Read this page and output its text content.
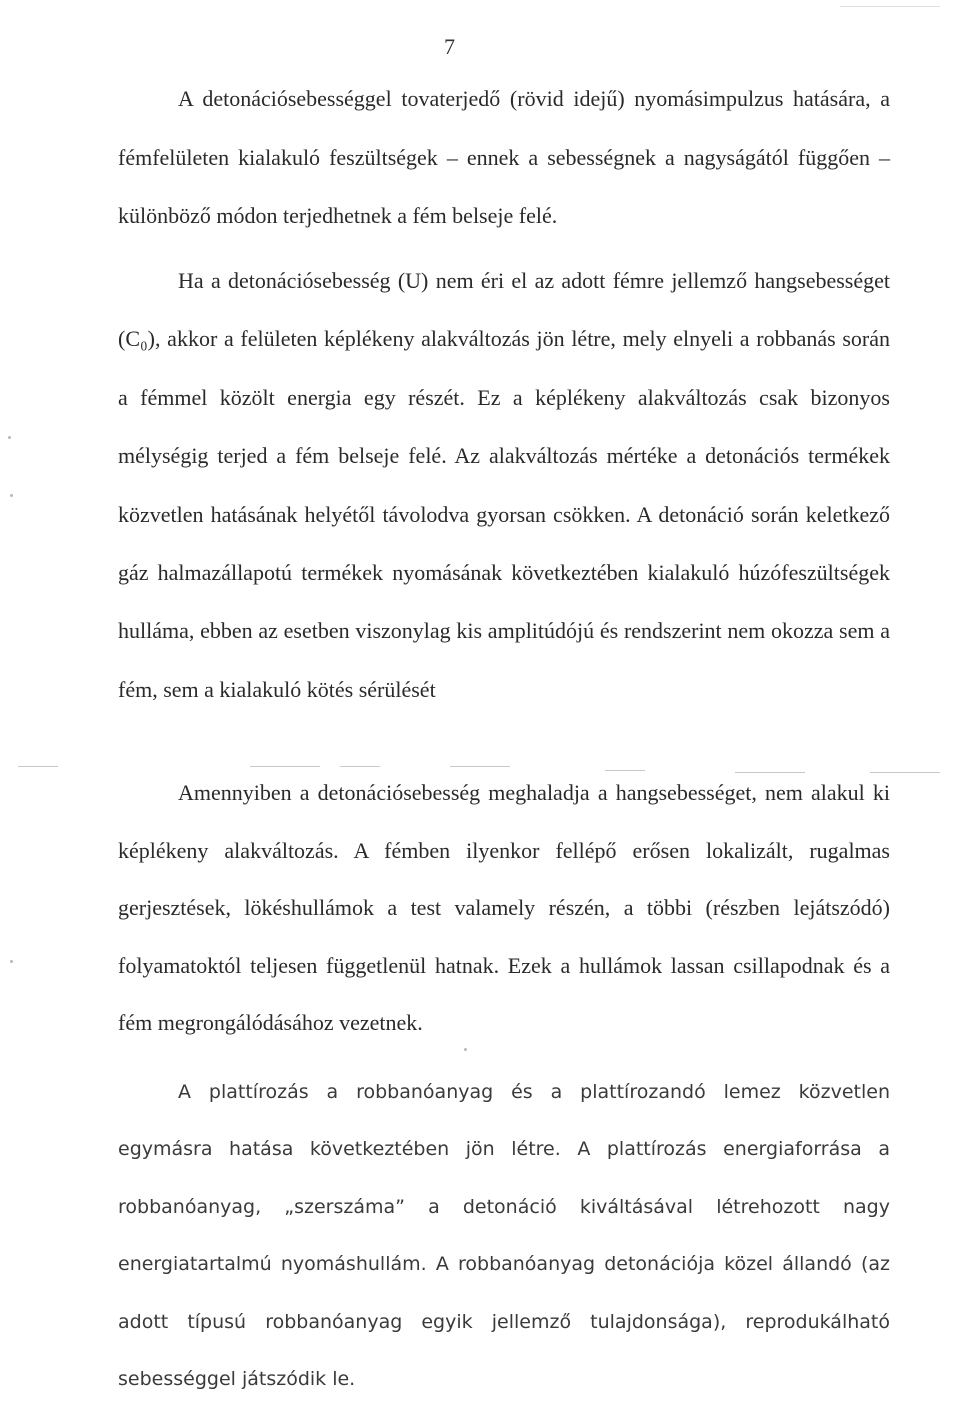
7

A detonációsebességgel tovaterjedő (rövid idejű) nyomásimpulzus hatására, a fémfelületen kialakuló feszültségek – ennek a sebességnek a nagyságától függően – különböző módon terjedhetnek a fém belseje felé.

Ha a detonációsebesség (U) nem éri el az adott fémre jellemző hangsebességet (C₀), akkor a felületen képlékeny alakváltozás jön létre, mely elnyeli a robbanás során a fémmel közölt energia egy részét. Ez a képlékeny alakváltozás csak bizonyos mélységig terjed a fém belseje felé. Az alakváltozás mértéke a detonációs termékek közvetlen hatásának helyétől távolodva gyorsan csökken. A detonáció során keletkező gáz halmazállapotú termékek nyomásának következtében kialakuló húzófeszültségek hulláma, ebben az esetben viszonylag kis amplitúdójú és rendszerint nem okozza sem a fém, sem a kialakuló kötés sérülését

Amennyiben a detonációsebesség meghaladja a hangsebességet, nem alakul ki képlékeny alakváltozás. A fémben ilyenkor fellépő erősen lokalizált, rugalmas gerjesztések, lökéshullámok a test valamely részén, a többi (részben lejátszódó) folyamatoktól teljesen függetlenül hatnak. Ezek a hullámok lassan csillapodnak és a fém megrongálódásához vezetnek.

A plattírozás a robbanóanyag és a plattírozandó lemez közvetlen egymásra hatása következtében jön létre. A plattírozás energiaforrása a robbanóanyag, „szerszáma” a detonáció kiváltásával létrehozott nagy energiatartalmú nyomáshullám. A robbanóanyag detonációja közel állandó (az adott típusú robbanóanyag egyik jellemző tulajdonsága), reprodukálható sebességgel játszódik le.
